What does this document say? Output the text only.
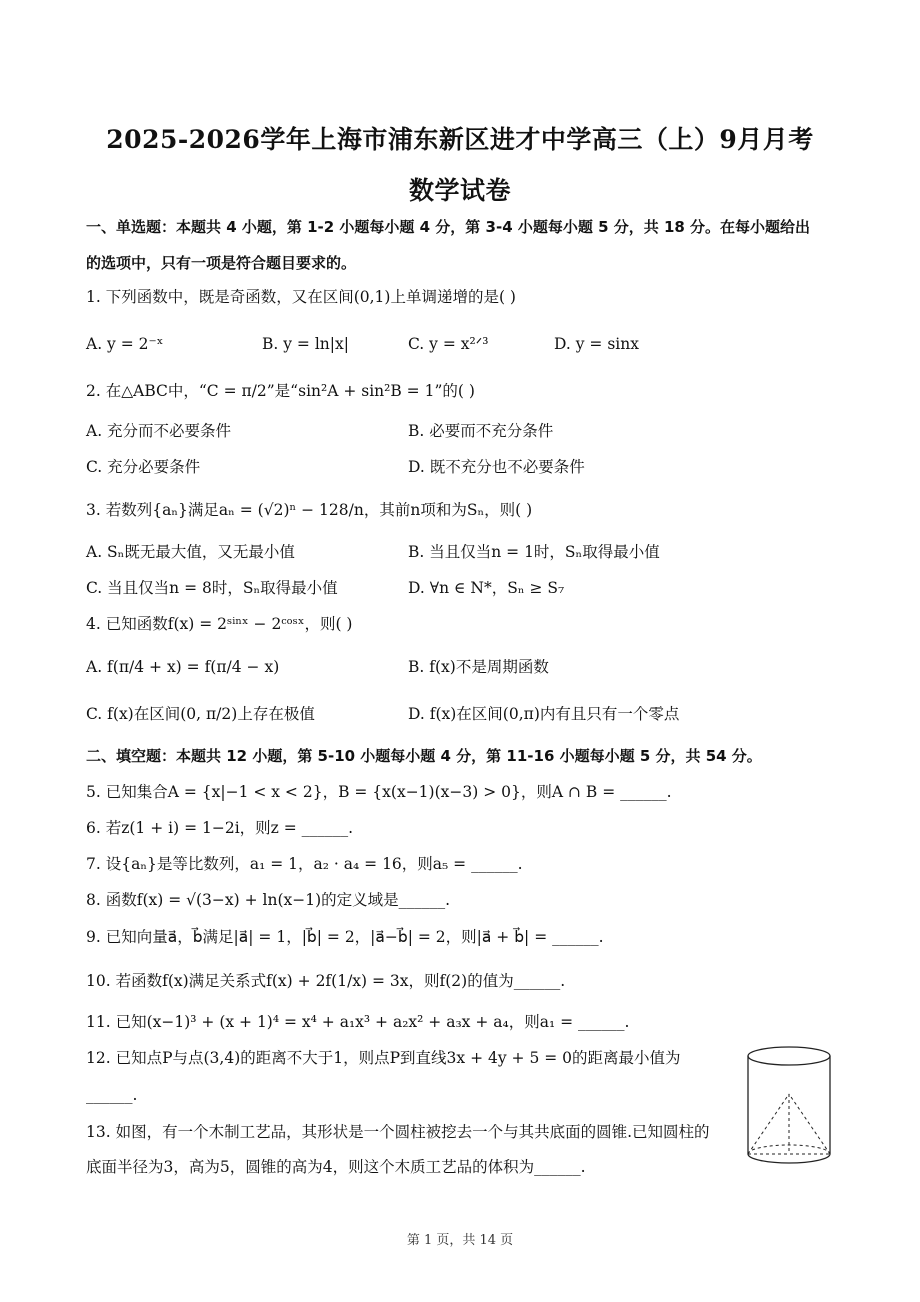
2025-2026学年上海市浦东新区进才中学高三（上）9月月考
数学试卷
一、单选题：本题共 4 小题，第 1-2 小题每小题 4 分，第 3-4 小题每小题 5 分，共 18 分。在每小题给出
的选项中，只有一项是符合题目要求的。
1. 下列函数中，既是奇函数，又在区间(0,1)上单调递增的是( )
A. y = 2⁻ˣ	B. y = ln|x|	C. y = x²ᐟ³	D. y = sinx
2. 在△ABC中，“C = π/2”是“sin²A + sin²B = 1”的( )
A. 充分而不必要条件	B. 必要而不充分条件
C. 充分必要条件	D. 既不充分也不必要条件
3. 若数列{aₙ}满足aₙ = (√2)ⁿ − 128/n，其前n项和为Sₙ，则( )
A. Sₙ既无最大值，又无最小值	B. 当且仅当n = 1时，Sₙ取得最小值
C. 当且仅当n = 8时，Sₙ取得最小值	D. ∀n ∈ N*，Sₙ ≥ S₇
4. 已知函数f(x) = 2ˢⁱⁿˣ − 2ᶜᵒˢˣ，则( )
A. f(π/4 + x) = f(π/4 − x)	B. f(x)不是周期函数
C. f(x)在区间(0, π/2)上存在极值	D. f(x)在区间(0,π)内有且只有一个零点
二、填空题：本题共 12 小题，第 5-10 小题每小题 4 分，第 11-16 小题每小题 5 分，共 54 分。
5. 已知集合A = {x|−1 < x < 2}，B = {x(x−1)(x−3) > 0}，则A ∩ B = ______.
6. 若z(1 + i) = 1−2i，则z = ______.
7. 设{aₙ}是等比数列，a₁ = 1，a₂ · a₄ = 16，则a₅ = ______.
8. 函数f(x) = √(3−x) + ln(x−1)的定义域是______.
9. 已知向量a⃗，b⃗满足|a⃗| = 1，|b⃗| = 2，|a⃗−b⃗| = 2，则|a⃗ + b⃗| = ______.
10. 若函数f(x)满足关系式f(x) + 2f(1/x) = 3x，则f(2)的值为______.
11. 已知(x−1)³ + (x + 1)⁴ = x⁴ + a₁x³ + a₂x² + a₃x + a₄，则a₁ = ______.
12. 已知点P与点(3,4)的距离不大于1，则点P到直线3x + 4y + 5 = 0的距离最小值为
______.
13. 如图，有一个木制工艺品，其形状是一个圆柱被挖去一个与其共底面的圆锥.已知圆柱的
底面半径为3，高为5，圆锥的高为4，则这个木质工艺品的体积为______.
第 1 页，共 14 页
